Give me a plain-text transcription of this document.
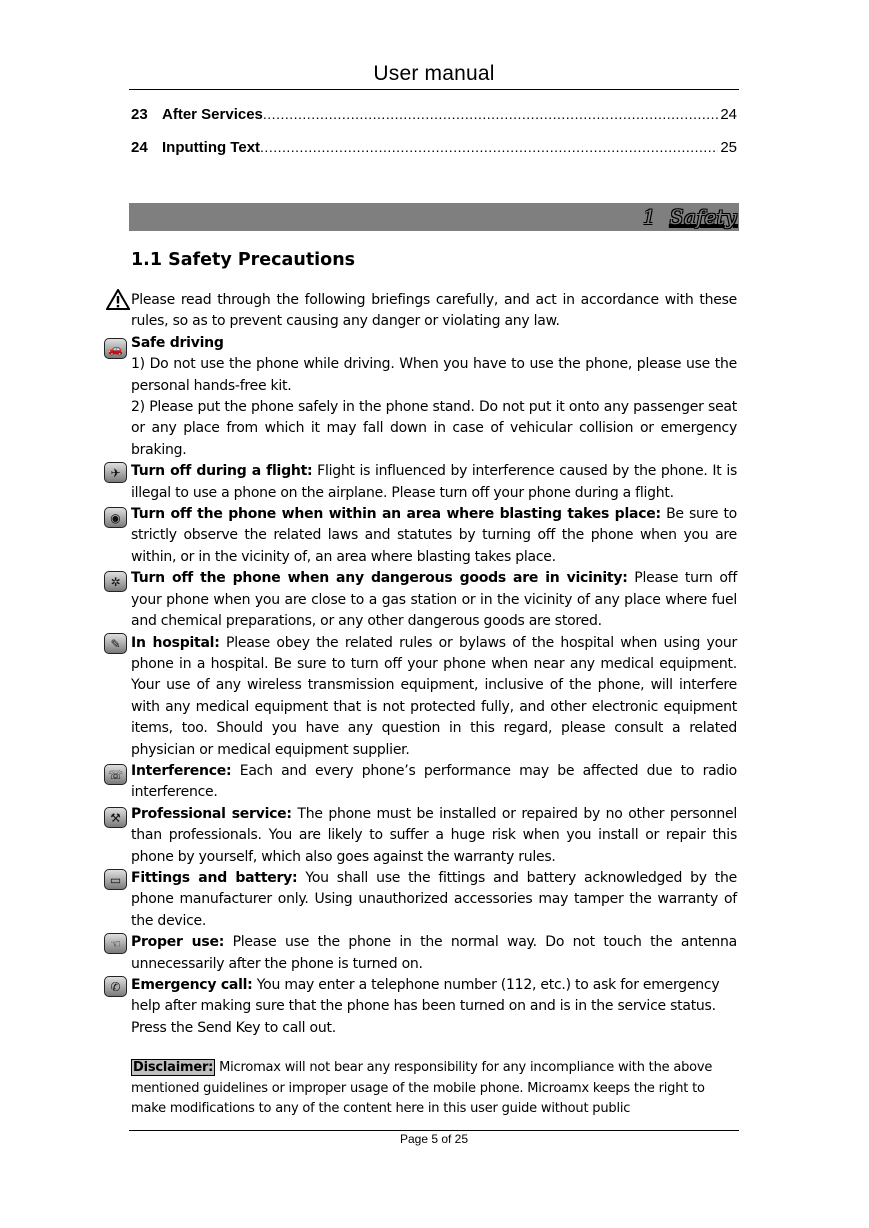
User manual
23 After Services .....	24
24 Inputting Text .....	25
1 Safety
1.1 Safety Precautions
🚗
✈
◉
✲
✎
☏
⚒
▭
☜
✆

Please read through the following briefings carefully, and act in accordance with these rules, so as to prevent causing any danger or violating any law.

Safe driving

1) Do not use the phone while driving. When you have to use the phone, please use the personal hands-free kit.

2) Please put the phone safely in the phone stand. Do not put it onto any passenger seat or any place from which it may fall down in case of vehicular collision or emergency braking.

Turn off during a flight: Flight is influenced by interference caused by the phone. It is illegal to use a phone on the airplane. Please turn off your phone during a flight.

Turn off the phone when within an area where blasting takes place: Be sure to strictly observe the related laws and statutes by turning off the phone when you are within, or in the vicinity of, an area where blasting takes place.

Turn off the phone when any dangerous goods are in vicinity: Please turn off your phone when you are close to a gas station or in the vicinity of any place where fuel and chemical preparations, or any other dangerous goods are stored.

In hospital: Please obey the related rules or bylaws of the hospital when using your phone in a hospital. Be sure to turn off your phone when near any medical equipment. Your use of any wireless transmission equipment, inclusive of the phone, will interfere with any medical equipment that is not protected fully, and other electronic equipment items, too. Should you have any question in this regard, please consult a related physician or medical equipment supplier.

Interference: Each and every phone’s performance may be affected due to radio interference.

Professional service: The phone must be installed or repaired by no other personnel than professionals. You are likely to suffer a huge risk when you install or repair this phone by yourself, which also goes against the warranty rules.

Fittings and battery: You shall use the fittings and battery acknowledged by the phone manufacturer only. Using unauthorized accessories may tamper the warranty of the device.

Proper use: Please use the phone in the normal way. Do not touch the antenna unnecessarily after the phone is turned on.

Emergency call: You may enter a telephone number (112, etc.) to ask for emergency help after making sure that the phone has been turned on and is in the service status. Press the Send Key to call out.

Disclaimer: Micromax will not bear any responsibility for any incompliance with the above mentioned guidelines or improper usage of the mobile phone. Microamx keeps the right to make modifications to any of the content here in this user guide without public
Page 5 of 25
